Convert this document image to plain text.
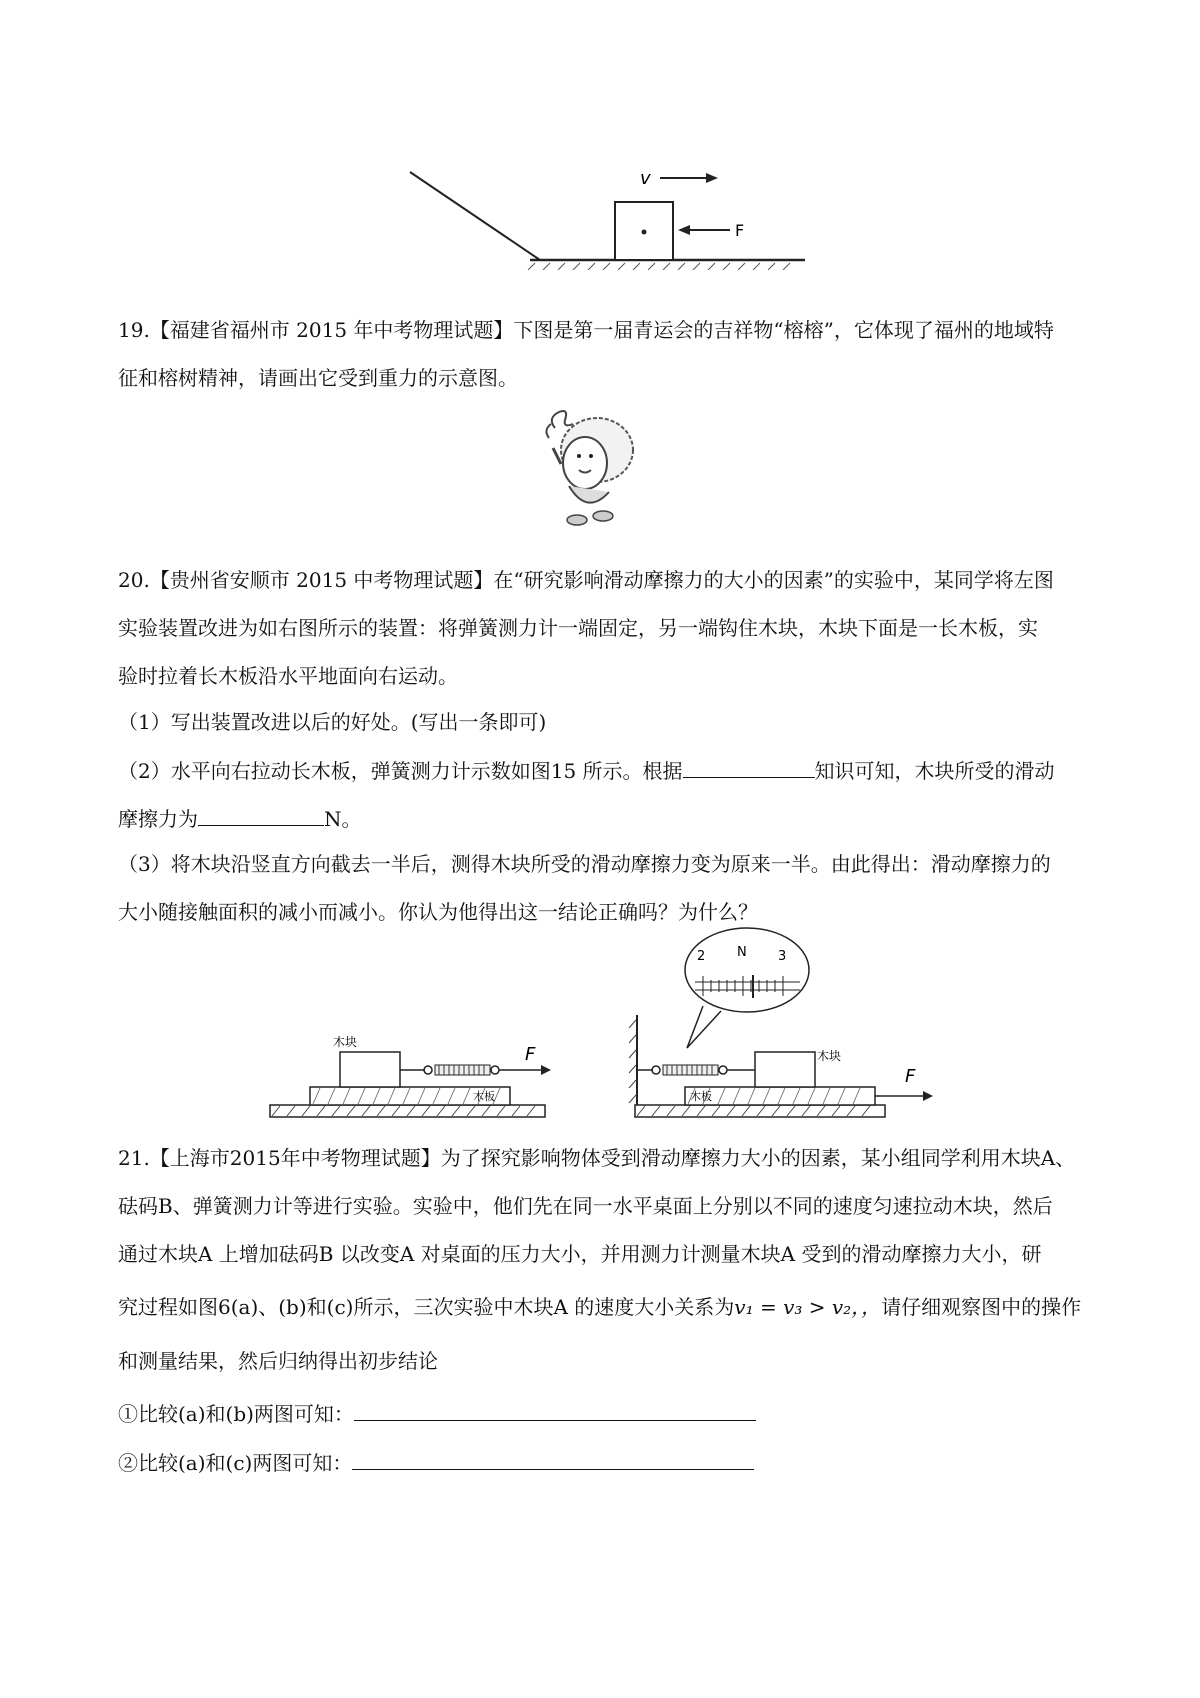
v
F
19.【福建省福州市 2015 年中考物理试题】下图是第一届青运会的吉祥物“榕榕”，它体现了福州的地域特
征和榕树精神，请画出它受到重力的示意图。
20.【贵州省安顺市 2015 中考物理试题】在“研究影响滑动摩擦力的大小的因素”的实验中，某同学将左图
实验装置改进为如右图所示的装置：将弹簧测力计一端固定，另一端钩住木块，木块下面是一长木板，实
验时拉着长木板沿水平地面向右运动。
（1）写出装置改进以后的好处。(写出一条即可)
（2）水平向右拉动长木板，弹簧测力计示数如图15 所示。根据	知识可知，木块所受的滑动
摩擦力为	N。
（3）将木块沿竖直方向截去一半后，测得木块所受的滑动摩擦力变为原来一半。由此得出：滑动摩擦力的
大小随接触面积的减小而减小。你认为他得出这一结论正确吗？为什么？
木块
木板
F	木块
木板
F
2 N 3
21.【上海市2015年中考物理试题】为了探究影响物体受到滑动摩擦力大小的因素，某小组同学利用木块A、
砝码B、弹簧测力计等进行实验。实验中，他们先在同一水平桌面上分别以不同的速度匀速拉动木块，然后
通过木块A 上增加砝码B 以改变A 对桌面的压力大小，并用测力计测量木块A 受到的滑动摩擦力大小，研
究过程如图6(a)、(b)和(c)所示，三次实验中木块A 的速度大小关系为v₁ = v₃ > v₂，，请仔细观察图中的操作
和测量结果，然后归纳得出初步结论
①比较(a)和(b)两图可知：
②比较(a)和(c)两图可知：
